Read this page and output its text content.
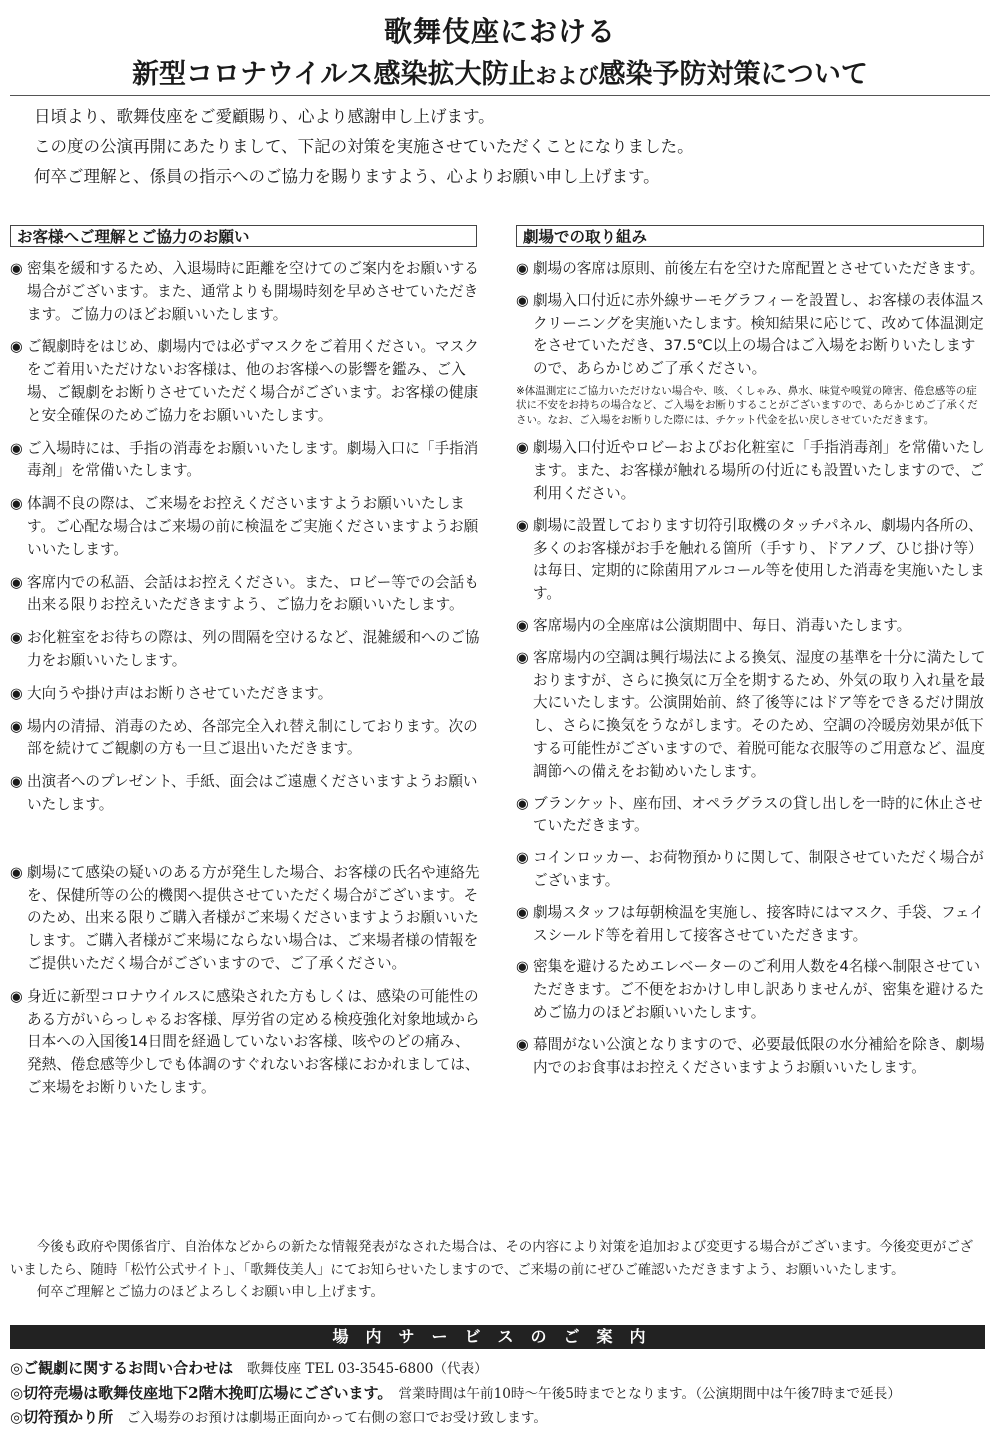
歌舞伎座における
新型コロナウイルス感染拡大防止および感染予防対策について
日頃より、歌舞伎座をご愛顧賜り、心より感謝申し上げます。
この度の公演再開にあたりまして、下記の対策を実施させていただくことになりました。
何卒ご理解と、係員の指示へのご協力を賜りますよう、心よりお願い申し上げます。
お客様へご理解とご協力のお願い	劇場での取り組み
◉ 密集を緩和するため、入退場時に距離を空けてのご案内をお願いする場合がございます。また、通常よりも開場時刻を早めさせていただきます。ご協力のほどお願いいたします。
◉ ご観劇時をはじめ、劇場内では必ずマスクをご着用ください。マスクをご着用いただけないお客様は、他のお客様への影響を鑑み、ご入場、ご観劇をお断りさせていただく場合がございます。お客様の健康と安全確保のためご協力をお願いいたします。
◉ ご入場時には、手指の消毒をお願いいたします。劇場入口に「手指消毒剤」を常備いたします。
◉ 体調不良の際は、ご来場をお控えくださいますようお願いいたします。ご心配な場合はご来場の前に検温をご実施くださいますようお願いいたします。
◉ 客席内での私語、会話はお控えください。また、ロビー等での会話も出来る限りお控えいただきますよう、ご協力をお願いいたします。
◉ お化粧室をお待ちの際は、列の間隔を空けるなど、混雑緩和へのご協力をお願いいたします。
◉ 大向うや掛け声はお断りさせていただきます。
◉ 場内の清掃、消毒のため、各部完全入れ替え制にしております。次の部を続けてご観劇の方も一旦ご退出いただきます。
◉ 出演者へのプレゼント、手紙、面会はご遠慮くださいますようお願いいたします。
◉ 劇場にて感染の疑いのある方が発生した場合、お客様の氏名や連絡先を、保健所等の公的機関へ提供させていただく場合がございます。そのため、出来る限りご購入者様がご来場くださいますようお願いいたします。ご購入者様がご来場にならない場合は、ご来場者様の情報をご提供いただく場合がございますので、ご了承ください。
◉ 身近に新型コロナウイルスに感染された方もしくは、感染の可能性のある方がいらっしゃるお客様、厚労省の定める検疫強化対象地域から日本への入国後14日間を経過していないお客様、咳やのどの痛み、発熱、倦怠感等少しでも体調のすぐれないお客様におかれましては、ご来場をお断りいたします。
◉ 劇場の客席は原則、前後左右を空けた席配置とさせていただきます。
◉ 劇場入口付近に赤外線サーモグラフィーを設置し、お客様の表体温スクリーニングを実施いたします。検知結果に応じて、改めて体温測定をさせていただき、37.5℃以上の場合はご入場をお断りいたしますので、あらかじめご了承ください。
※体温測定にご協力いただけない場合や、咳、くしゃみ、鼻水、味覚や嗅覚の障害、倦怠感等の症状に不安をお持ちの場合など、ご入場をお断りすることがございますので、あらかじめご了承ください。なお、ご入場をお断りした際には、チケット代金を払い戻しさせていただきます。
◉ 劇場入口付近やロビーおよびお化粧室に「手指消毒剤」を常備いたします。また、お客様が触れる場所の付近にも設置いたしますので、ご利用ください。
◉ 劇場に設置しております切符引取機のタッチパネル、劇場内各所の、多くのお客様がお手を触れる箇所（手すり、ドアノブ、ひじ掛け等）は毎日、定期的に除菌用アルコール等を使用した消毒を実施いたします。
◉ 客席場内の全座席は公演期間中、毎日、消毒いたします。
◉ 客席場内の空調は興行場法による換気、湿度の基準を十分に満たしておりますが、さらに換気に万全を期するため、外気の取り入れ量を最大にいたします。公演開始前、終了後等にはドア等をできるだけ開放し、さらに換気をうながします。そのため、空調の冷暖房効果が低下する可能性がございますので、着脱可能な衣服等のご用意など、温度調節への備えをお勧めいたします。
◉ ブランケット、座布団、オペラグラスの貸し出しを一時的に休止させていただきます。
◉ コインロッカー、お荷物預かりに関して、制限させていただく場合がございます。
◉ 劇場スタッフは毎朝検温を実施し、接客時にはマスク、手袋、フェイスシールド等を着用して接客させていただきます。
◉ 密集を避けるためエレベーターのご利用人数を4名様へ制限させていただきます。ご不便をおかけし申し訳ありませんが、密集を避けるためご協力のほどお願いいたします。
◉ 幕間がない公演となりますので、必要最低限の水分補給を除き、劇場内でのお食事はお控えくださいますようお願いいたします。

今後も政府や関係省庁、自治体などからの新たな情報発表がなされた場合は、その内容により対策を追加および変更する場合がございます。今後変更がございましたら、随時「松竹公式サイト」、「歌舞伎美人」にてお知らせいたしますので、ご来場の前にぜひご確認いただきますよう、お願いいたします。

何卒ご理解とご協力のほどよろしくお願い申し上げます。

場内サービスのご案内
◎ご観劇に関するお問い合わせは　 歌舞伎座 TEL 03-3545-6800（代表）
◎切符売場は歌舞伎座地下2階木挽町広場にございます。　 営業時間は午前10時～午後5時までとなります。（公演期間中は午後7時まで延長）
◎切符預かり所　 ご入場券のお預けは劇場正面向かって右側の窓口でお受け致します。
